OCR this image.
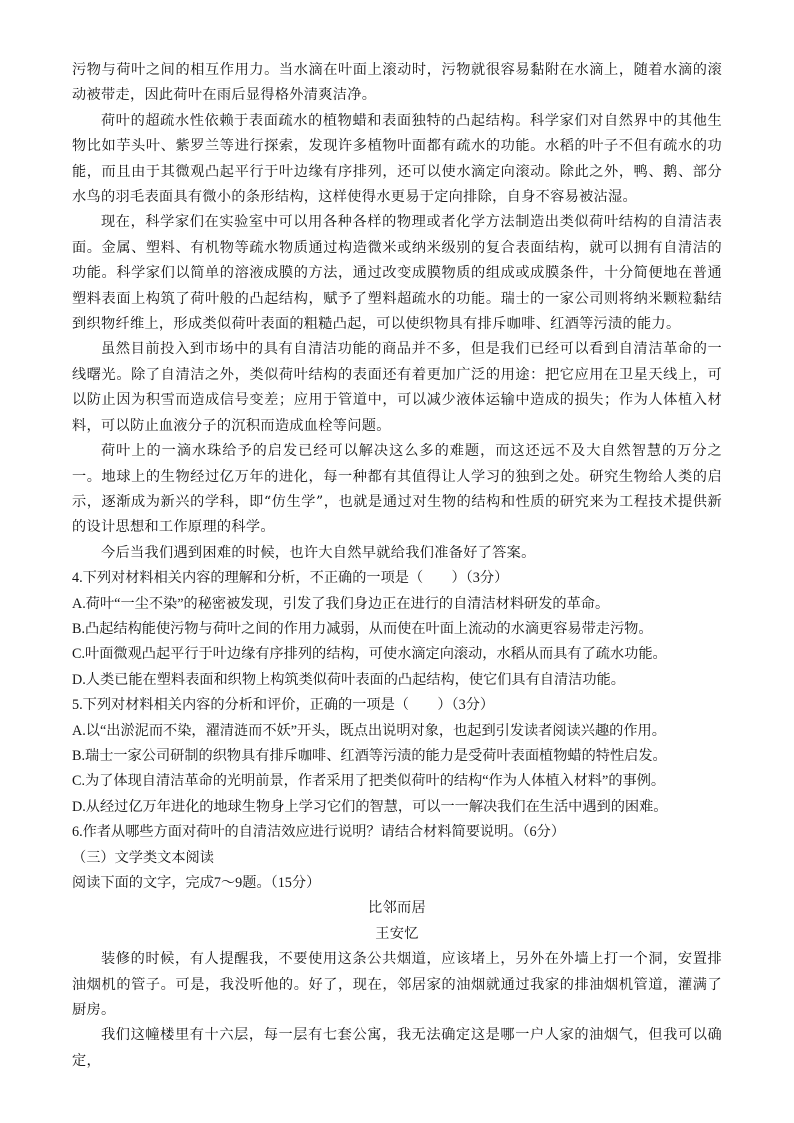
污物与荷叶之间的相互作用力。当水滴在叶面上滚动时，污物就很容易黏附在水滴上，随着水滴的滚动被带走，因此荷叶在雨后显得格外清爽洁净。

荷叶的超疏水性依赖于表面疏水的植物蜡和表面独特的凸起结构。科学家们对自然界中的其他生物比如芋头叶、紫罗兰等进行探索，发现许多植物叶面都有疏水的功能。水稻的叶子不但有疏水的功能，而且由于其微观凸起平行于叶边缘有序排列，还可以使水滴定向滚动。除此之外，鸭、鹅、部分水鸟的羽毛表面具有微小的条形结构，这样使得水更易于定向排除，自身不容易被沾湿。

现在，科学家们在实验室中可以用各种各样的物理或者化学方法制造出类似荷叶结构的自清洁表面。金属、塑料、有机物等疏水物质通过构造微米或纳米级别的复合表面结构，就可以拥有自清洁的功能。科学家们以简单的溶液成膜的方法，通过改变成膜物质的组成或成膜条件，十分简便地在普通塑料表面上构筑了荷叶般的凸起结构，赋予了塑料超疏水的功能。瑞士的一家公司则将纳米颗粒黏结到织物纤维上，形成类似荷叶表面的粗糙凸起，可以使织物具有排斥咖啡、红酒等污渍的能力。

虽然目前投入到市场中的具有自清洁功能的商品并不多，但是我们已经可以看到自清洁革命的一线曙光。除了自清洁之外，类似荷叶结构的表面还有着更加广泛的用途：把它应用在卫星天线上，可以防止因为积雪而造成信号变差；应用于管道中，可以减少液体运输中造成的损失；作为人体植入材料，可以防止血液分子的沉积而造成血栓等问题。

荷叶上的一滴水珠给予的启发已经可以解决这么多的难题，而这还远不及大自然智慧的万分之一。地球上的生物经过亿万年的进化，每一种都有其值得让人学习的独到之处。研究生物给人类的启示，逐渐成为新兴的学科，即“仿生学”，也就是通过对生物的结构和性质的研究来为工程技术提供新的设计思想和工作原理的科学。

今后当我们遇到困难的时候，也许大自然早就给我们准备好了答案。

4.下列对材料相关内容的理解和分析，不正确的一项是（　　）（3分）

A.荷叶“一尘不染”的秘密被发现，引发了我们身边正在进行的自清洁材料研发的革命。

B.凸起结构能使污物与荷叶之间的作用力减弱，从而使在叶面上流动的水滴更容易带走污物。

C.叶面微观凸起平行于叶边缘有序排列的结构，可使水滴定向滚动，水稻从而具有了疏水功能。

D.人类已能在塑料表面和织物上构筑类似荷叶表面的凸起结构，使它们具有自清洁功能。

5.下列对材料相关内容的分析和评价，正确的一项是（　　）（3分）

A.以“出淤泥而不染，濯清涟而不妖”开头，既点出说明对象，也起到引发读者阅读兴趣的作用。

B.瑞士一家公司研制的织物具有排斥咖啡、红酒等污渍的能力是受荷叶表面植物蜡的特性启发。

C.为了体现自清洁革命的光明前景，作者采用了把类似荷叶的结构“作为人体植入材料”的事例。

D.从经过亿万年进化的地球生物身上学习它们的智慧，可以一一解决我们在生活中遇到的困难。

6.作者从哪些方面对荷叶的自清洁效应进行说明？请结合材料简要说明。（6分）

（三）文学类文本阅读

阅读下面的文字，完成7～9题。（15分）

比邻而居

王安忆

装修的时候，有人提醒我，不要使用这条公共烟道，应该堵上，另外在外墙上打一个洞，安置排油烟机的管子。可是，我没听他的。好了，现在，邻居家的油烟就通过我家的排油烟机管道，灌满了厨房。

我们这幢楼里有十六层，每一层有七套公寓，我无法确定这是哪一户人家的油烟气，但我可以确定，
